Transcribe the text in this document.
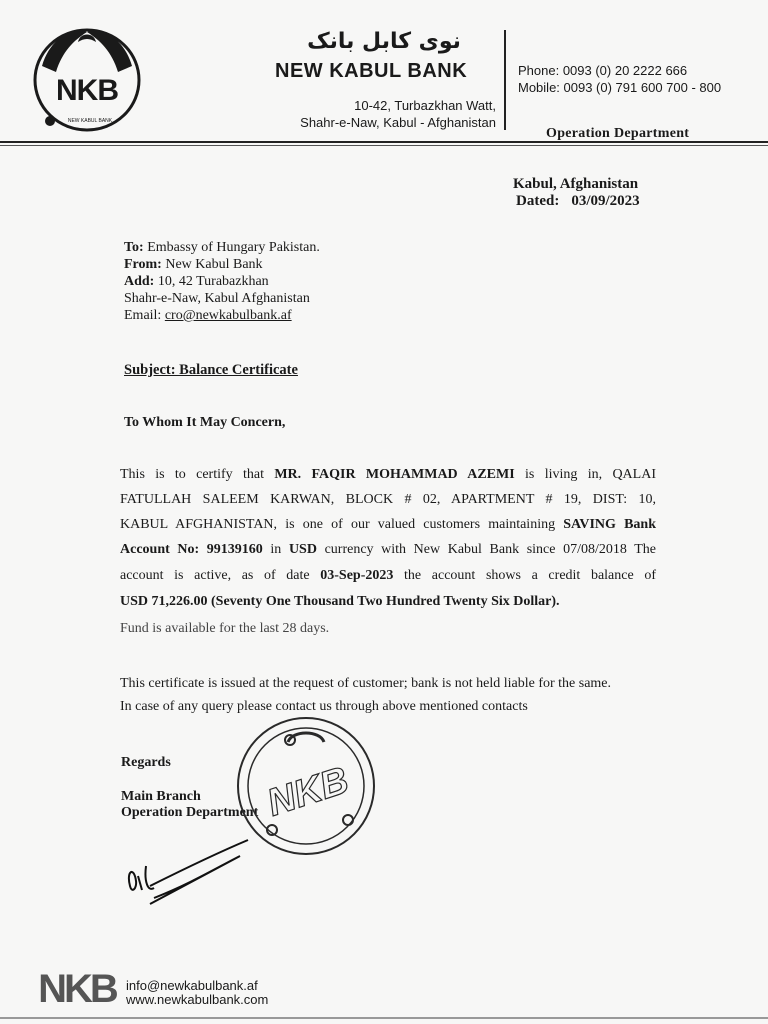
NKB
NEW KABUL BANK
نوی کابل بانک
NEW KABUL BANK
10-42, Turbazkhan Watt,
Shahr-e-Naw, Kabul - Afghanistan
Phone: 0093 (0) 20 2222 666
Mobile: 0093 (0) 791 600 700 - 800
Operation Department
Kabul, Afghanistan
Dated: 03/09/2023
To: Embassy of Hungary Pakistan.
From: New Kabul Bank
Add: 10, 42 Turabazkhan
Shahr-e-Naw, Kabul Afghanistan
Email: cro@newkabulbank.af
Subject: Balance Certificate
To Whom It May Concern,
This is to certify that MR. FAQIR MOHAMMAD AZEMI is living in, QALAI
FATULLAH SALEEM KARWAN, BLOCK # 02, APARTMENT # 19, DIST: 10,
KABUL AFGHANISTAN, is one of our valued customers maintaining SAVING Bank
Account No: 99139160 in USD currency with New Kabul Bank since 07/08/2018 The
account is active, as of date 03-Sep-2023 the account shows a credit balance of
USD 71,226.00 (Seventy One Thousand Two Hundred Twenty Six Dollar).
Fund is available for the last 28 days.
This certificate is issued at the request of customer; bank is not held liable for the same.
In case of any query please contact us through above mentioned contacts
Regards
Main Branch
Operation Department NKB
NKB info@newkabulbank.af
www.newkabulbank.com
